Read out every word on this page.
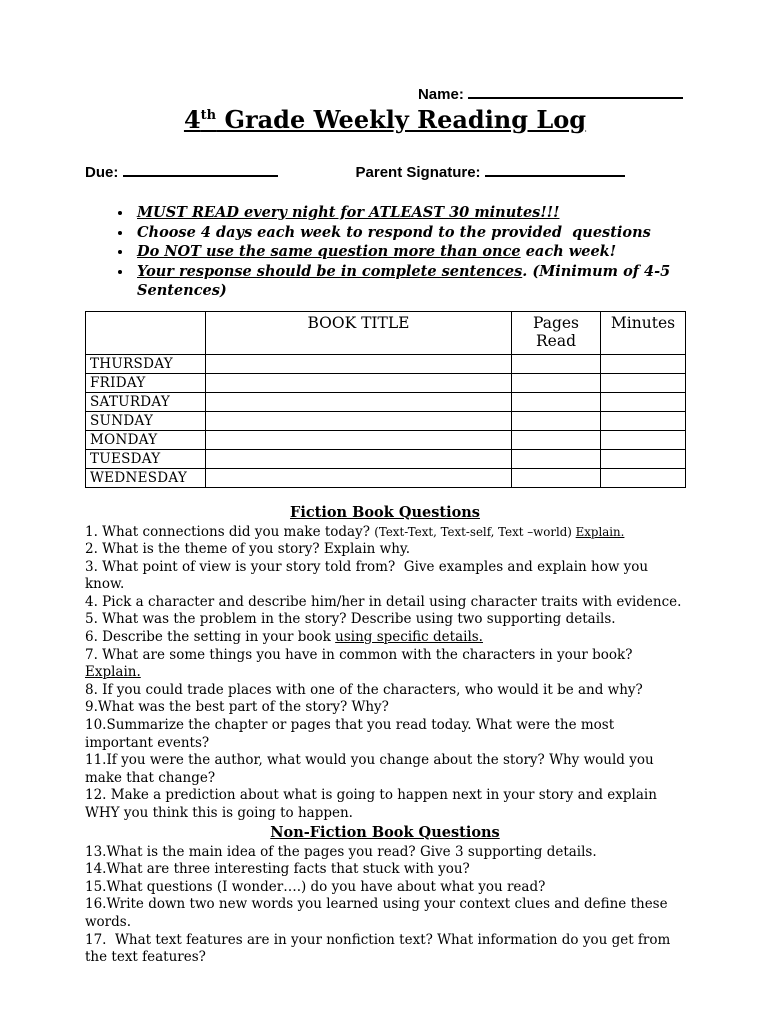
Name:
4th Grade Weekly Reading Log
Due:	Parent Signature:
• MUST READ every night for ATLEAST 30 minutes!!!
• Choose 4 days each week to respond to the provided  questions
• Do NOT use the same question more than once each week!
• Your response should be in complete sentences. (Minimum of 4-5 Sentences)
	BOOK TITLE	Pages Read	Minutes
THURSDAY			
FRIDAY			
SATURDAY			
SUNDAY			
MONDAY			
TUESDAY			
WEDNESDAY			
Fiction Book Questions
1. What connections did you make today? (Text-Text, Text-self, Text –world) Explain.
2. What is the theme of you story? Explain why.
3. What point of view is your story told from?  Give examples and explain how you know.
4. Pick a character and describe him/her in detail using character traits with evidence.
5. What was the problem in the story? Describe using two supporting details.
6. Describe the setting in your book using specific details.
7. What are some things you have in common with the characters in your book? Explain.
8. If you could trade places with one of the characters, who would it be and why?
9.What was the best part of the story? Why?
10.Summarize the chapter or pages that you read today. What were the most important events?
11.If you were the author, what would you change about the story? Why would you make that change?
12. Make a prediction about what is going to happen next in your story and explain WHY you think this is going to happen.
Non-Fiction Book Questions
13.What is the main idea of the pages you read? Give 3 supporting details.
14.What are three interesting facts that stuck with you?
15.What questions (I wonder….) do you have about what you read?
16.Write down two new words you learned using your context clues and define these words.
17.  What text features are in your nonfiction text? What information do you get from the text features?
